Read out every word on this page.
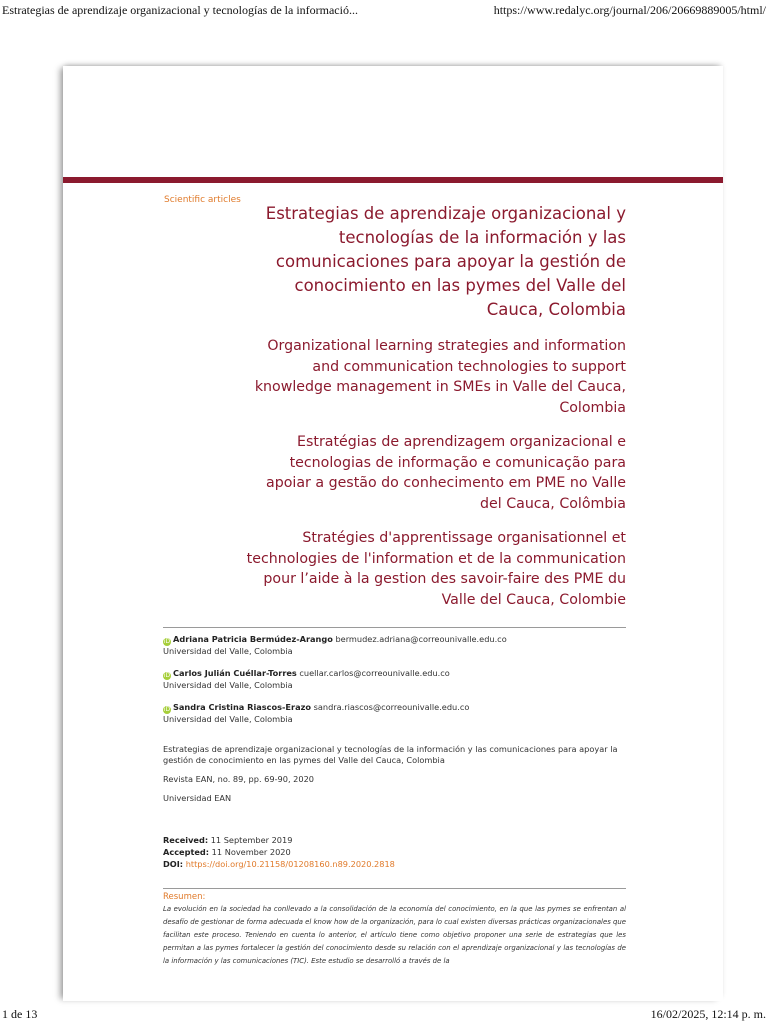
Estrategias de aprendizaje organizacional y tecnologías de la informació...	https://www.redalyc.org/journal/206/20669889005/html/
Scientific articles
Estrategias de aprendizaje organizacional y tecnologías de la información y las comunicaciones para apoyar la gestión de conocimiento en las pymes del Valle del Cauca, Colombia
Organizational learning strategies and information and communication technologies to support knowledge management in SMEs in Valle del Cauca, Colombia
Estratégias de aprendizagem organizacional e tecnologias de informação e comunicação para apoiar a gestão do conhecimento em PME no Valle del Cauca, Colômbia
Stratégies d'apprentissage organisationnel et technologies de l'information et de la communication pour l’aide à la gestion des savoir-faire des PME du Valle del Cauca, Colombie
iD Adriana Patricia Bermúdez-Arango bermudez.adriana@correounivalle.edu.co
Universidad del Valle, Colombia
iD Carlos Julián Cuéllar-Torres cuellar.carlos@correounivalle.edu.co
Universidad del Valle, Colombia
iD Sandra Cristina Riascos-Erazo sandra.riascos@correounivalle.edu.co
Universidad del Valle, Colombia

Estrategias de aprendizaje organizacional y tecnologías de la información y las comunicaciones para apoyar la gestión de conocimiento en las pymes del Valle del Cauca, Colombia

Revista EAN, no. 89, pp. 69-90, 2020

Universidad EAN

Received: 11 September 2019
Accepted: 11 November 2020
DOI: https://doi.org/10.21158/01208160.n89.2020.2818
Resumen:

La evolución en la sociedad ha conllevado a la consolidación de la economía del conocimiento, en la que las pymes se enfrentan al desafío de gestionar de forma adecuada el know how de la organización, para lo cual existen diversas prácticas organizacionales que facilitan este proceso. Teniendo en cuenta lo anterior, el artículo tiene como objetivo proponer una serie de estrategias que les permitan a las pymes fortalecer la gestión del conocimiento desde su relación con el aprendizaje organizacional y las tecnologías de la información y las comunicaciones (TIC). Este estudio se desarrolló a través de la

1 de 13	16/02/2025, 12:14 p. m.
